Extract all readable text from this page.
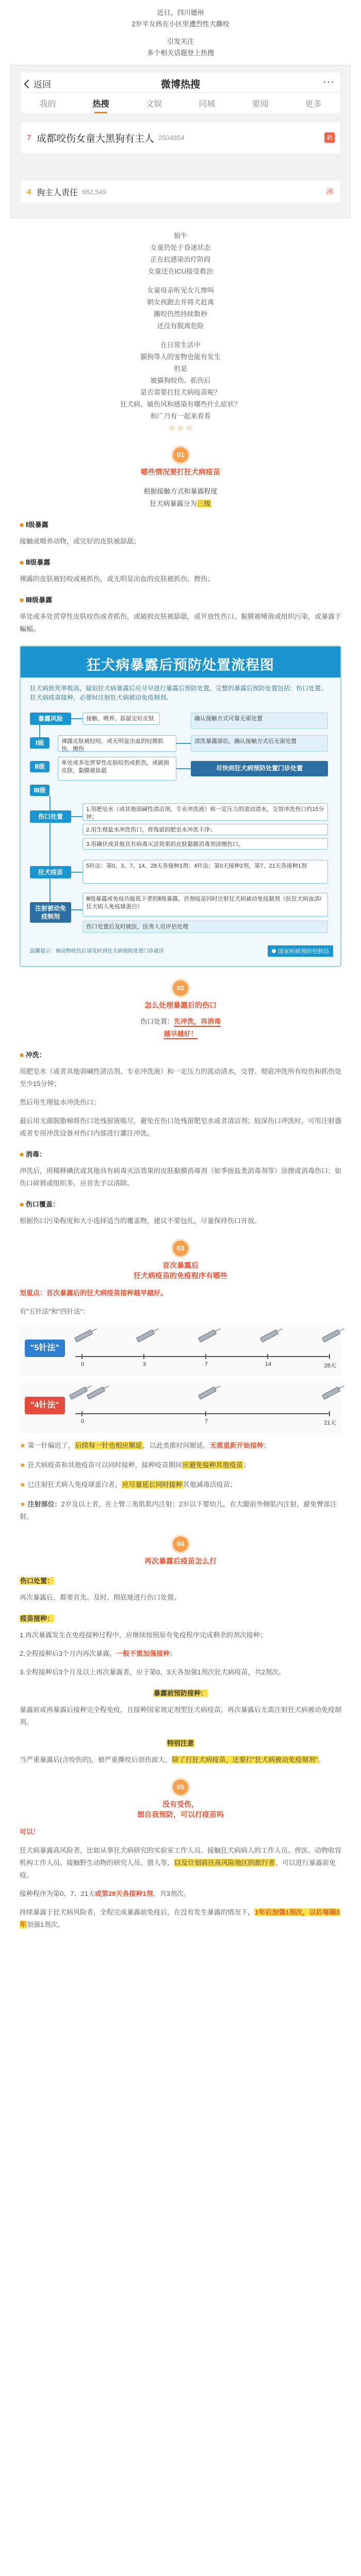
近日，四川德州

2岁半女孩在小区里遭烈性犬撕咬

引发关注

多个相关话题登上热搜

返回	微博热搜	···
我的	热搜	文娱	同城	要闻	更多
7 成都咬伤女童大黑狗有主人 2504654	新
4 狗主人责任 682,549	沸

狼牛

女童仍处于昏迷状态

正在抗感染治疗阶段

女童还在ICU接受救治

女童母亲听见女儿惨叫

朝女孩跑去并将犬赶离

撕咬仍然持续数秒

还没有脱离危险

在日常生活中

猫狗等人的宠物也能有发生

但是

被猫狗咬伤、抓伤后

是否需要打狂犬病疫苗呢？

狂犬病、破伤风和感染有哪些什么症状？

和广乃有一起来看看

☺ ☺ ☺

01

哪些情况要打狂犬病疫苗

根据接触方式和暴露程度

狂犬病暴露分为三级

■ Ⅰ级暴露

接触或喂养动物，或完好的皮肤被舔舐；

■ Ⅱ级暴露

裸露的皮肤被轻咬或被抓伤，或无明显出血的皮肤被抓伤、擦伤；

■ Ⅲ级暴露

单处或多处贯穿性皮肤咬伤或者抓伤，或破损皮肤被舔舐，或开放性伤口、黏膜被唾液或组织污染，或暴露于蝙蝠。

狂犬病暴露后预防处置流程图
狂犬病致死率极高，疑似狂犬病暴露后应尽早进行暴露后预防处置，完整的暴露后预防处置包括：伤口处置、狂犬病疫苗接种，必要时注射狂犬病被动免疫制剂。
暴露风险	接触、喂养、舔舐完好皮肤
Ⅰ级
Ⅱ级
Ⅲ级
裸露皮肤被轻咬，或无明显出血的轻微抓伤、擦伤
单处或多处贯穿性皮肤咬伤或抓伤，或破损皮肤、黏膜被舔舐
确认接触方式可靠无需处置
清洗暴露部位，确认接触方式后无需处置
尽快到狂犬病预防处置门诊处置
伤口处置
1.用肥皂水（或其他弱碱性清洁剂、专业冲洗液）和一定压力的流动清水，交替冲洗伤口约15分钟；
2.用生理盐水冲洗伤口，将残留的肥皂水冲洗干净；
3.用碘伏或其他具有病毒灭活效果的皮肤黏膜消毒剂涂擦伤口。
狂犬疫苗
5针法：第0、3、7、14、28天各接种1剂；4针法：第0天接种2剂，第7、21天各接种1剂
注射被动免疫制剂
Ⅲ级暴露或免疫功能低下者的Ⅱ级暴露，首剂疫苗同时注射狂犬病被动免疫制剂（抗狂犬病血清/狂犬病人免疫球蛋白）
伤口处置后及时就医，医务人员评估处理
温馨提示：被动物咬伤后请及时到狂犬病预防处置门诊就诊	国家疾病预防控制局
02

怎么处理暴露后的伤口

伤口处置：先冲洗，再消毒

越早越好！

■ 冲洗：

用肥皂水（或者其他弱碱性清洁剂、专业冲洗液）和一定压力的流动清水，交替、彻底冲洗所有咬伤和抓伤处至少15分钟；

然后用生理盐水冲洗伤口；

最后用无菌脱脂棉将伤口处残留液吸尽，避免在伤口处残留肥皂水或者清洁剂；较深伤口冲洗时，可用注射器或者专用冲洗设备对伤口内部进行灌注冲洗。

■ 消毒：

冲洗后，用稀释碘伏或其他具有病毒灭活效果的皮肤黏膜消毒剂（如季铵盐类消毒剂等）涂擦或消毒伤口；如伤口碎屑或组织多，应首先予以清除。

■ 伤口覆盖：

根据伤口污染程度和大小选择适当的覆盖物，建议不要包扎，尽量保持伤口开放。

03

首次暴露后

狂犬病疫苗的免疫程序有哪些

划重点：首次暴露后的狂犬病疫苗接种越早越好。

有"五针法"和"四针法"：

"5针法"
0	3	7	14	28天
"4针法"
0	7	21天

★ 第一针偏迟了，后续每一针也相应顺延，以此类推时间顺延，无需重新开始接种；

★ 狂犬病疫苗和其他疫苗可以同时接种，接种疫苗期间应避免接种其他疫苗；

★ 已注射狂犬病人免疫球蛋白者，应尽量延长同时接种其他减毒活疫苗；

★ 注射部位：2岁及以上者，在上臂三角肌肌内注射；2岁以下婴幼儿，在大腿前外侧肌内注射，避免臀部注射。

04

再次暴露后疫苗怎么打

伤口处置：

再次暴露后，都要首先、及时、彻底地进行伤口处置。

疫苗接种：

1.再次暴露发生在免疫接种过程中，应继续按照原有免疫程序完成剩余的剂次接种；

2.全程接种后3个月内再次暴露，一般不需加强接种；

3.全程接种后3个月及以上再次暴露者，应于第0、3天各加强1剂次狂犬病疫苗，共2剂次。

暴露前预防接种：

暴露前或再暴露后接种完全程免疫，且接种国家规定剂型狂犬病疫苗，再次暴露后无需注射狂犬病被动免疫制剂。

特别注意

当严重暴露后(含咬伤的)，被严重撕咬后创伤面大，除了打狂犬病疫苗，还要打"狂犬病被动免疫制剂"。

05

没有受伤，

想自我预防，可以打疫苗吗

可以！

狂犬病暴露高风险者，比如从事狂犬病研究的实验室工作人员、接触狂犬病病人的工作人员、兽医、动物收容机构工作人员、接触野生动物的研究人员、猎人等，以及计划前往高风险地区的旅行者，可以进行暴露前免疫。

接种程序为第0、7、21天或第28天各接种1剂，共3剂次。

持续暴露于狂犬病风险者，全程完成暴露前免疫后，在没有发生暴露的情况下，1年后加强1剂次，以后每隔3年加强1剂次。
